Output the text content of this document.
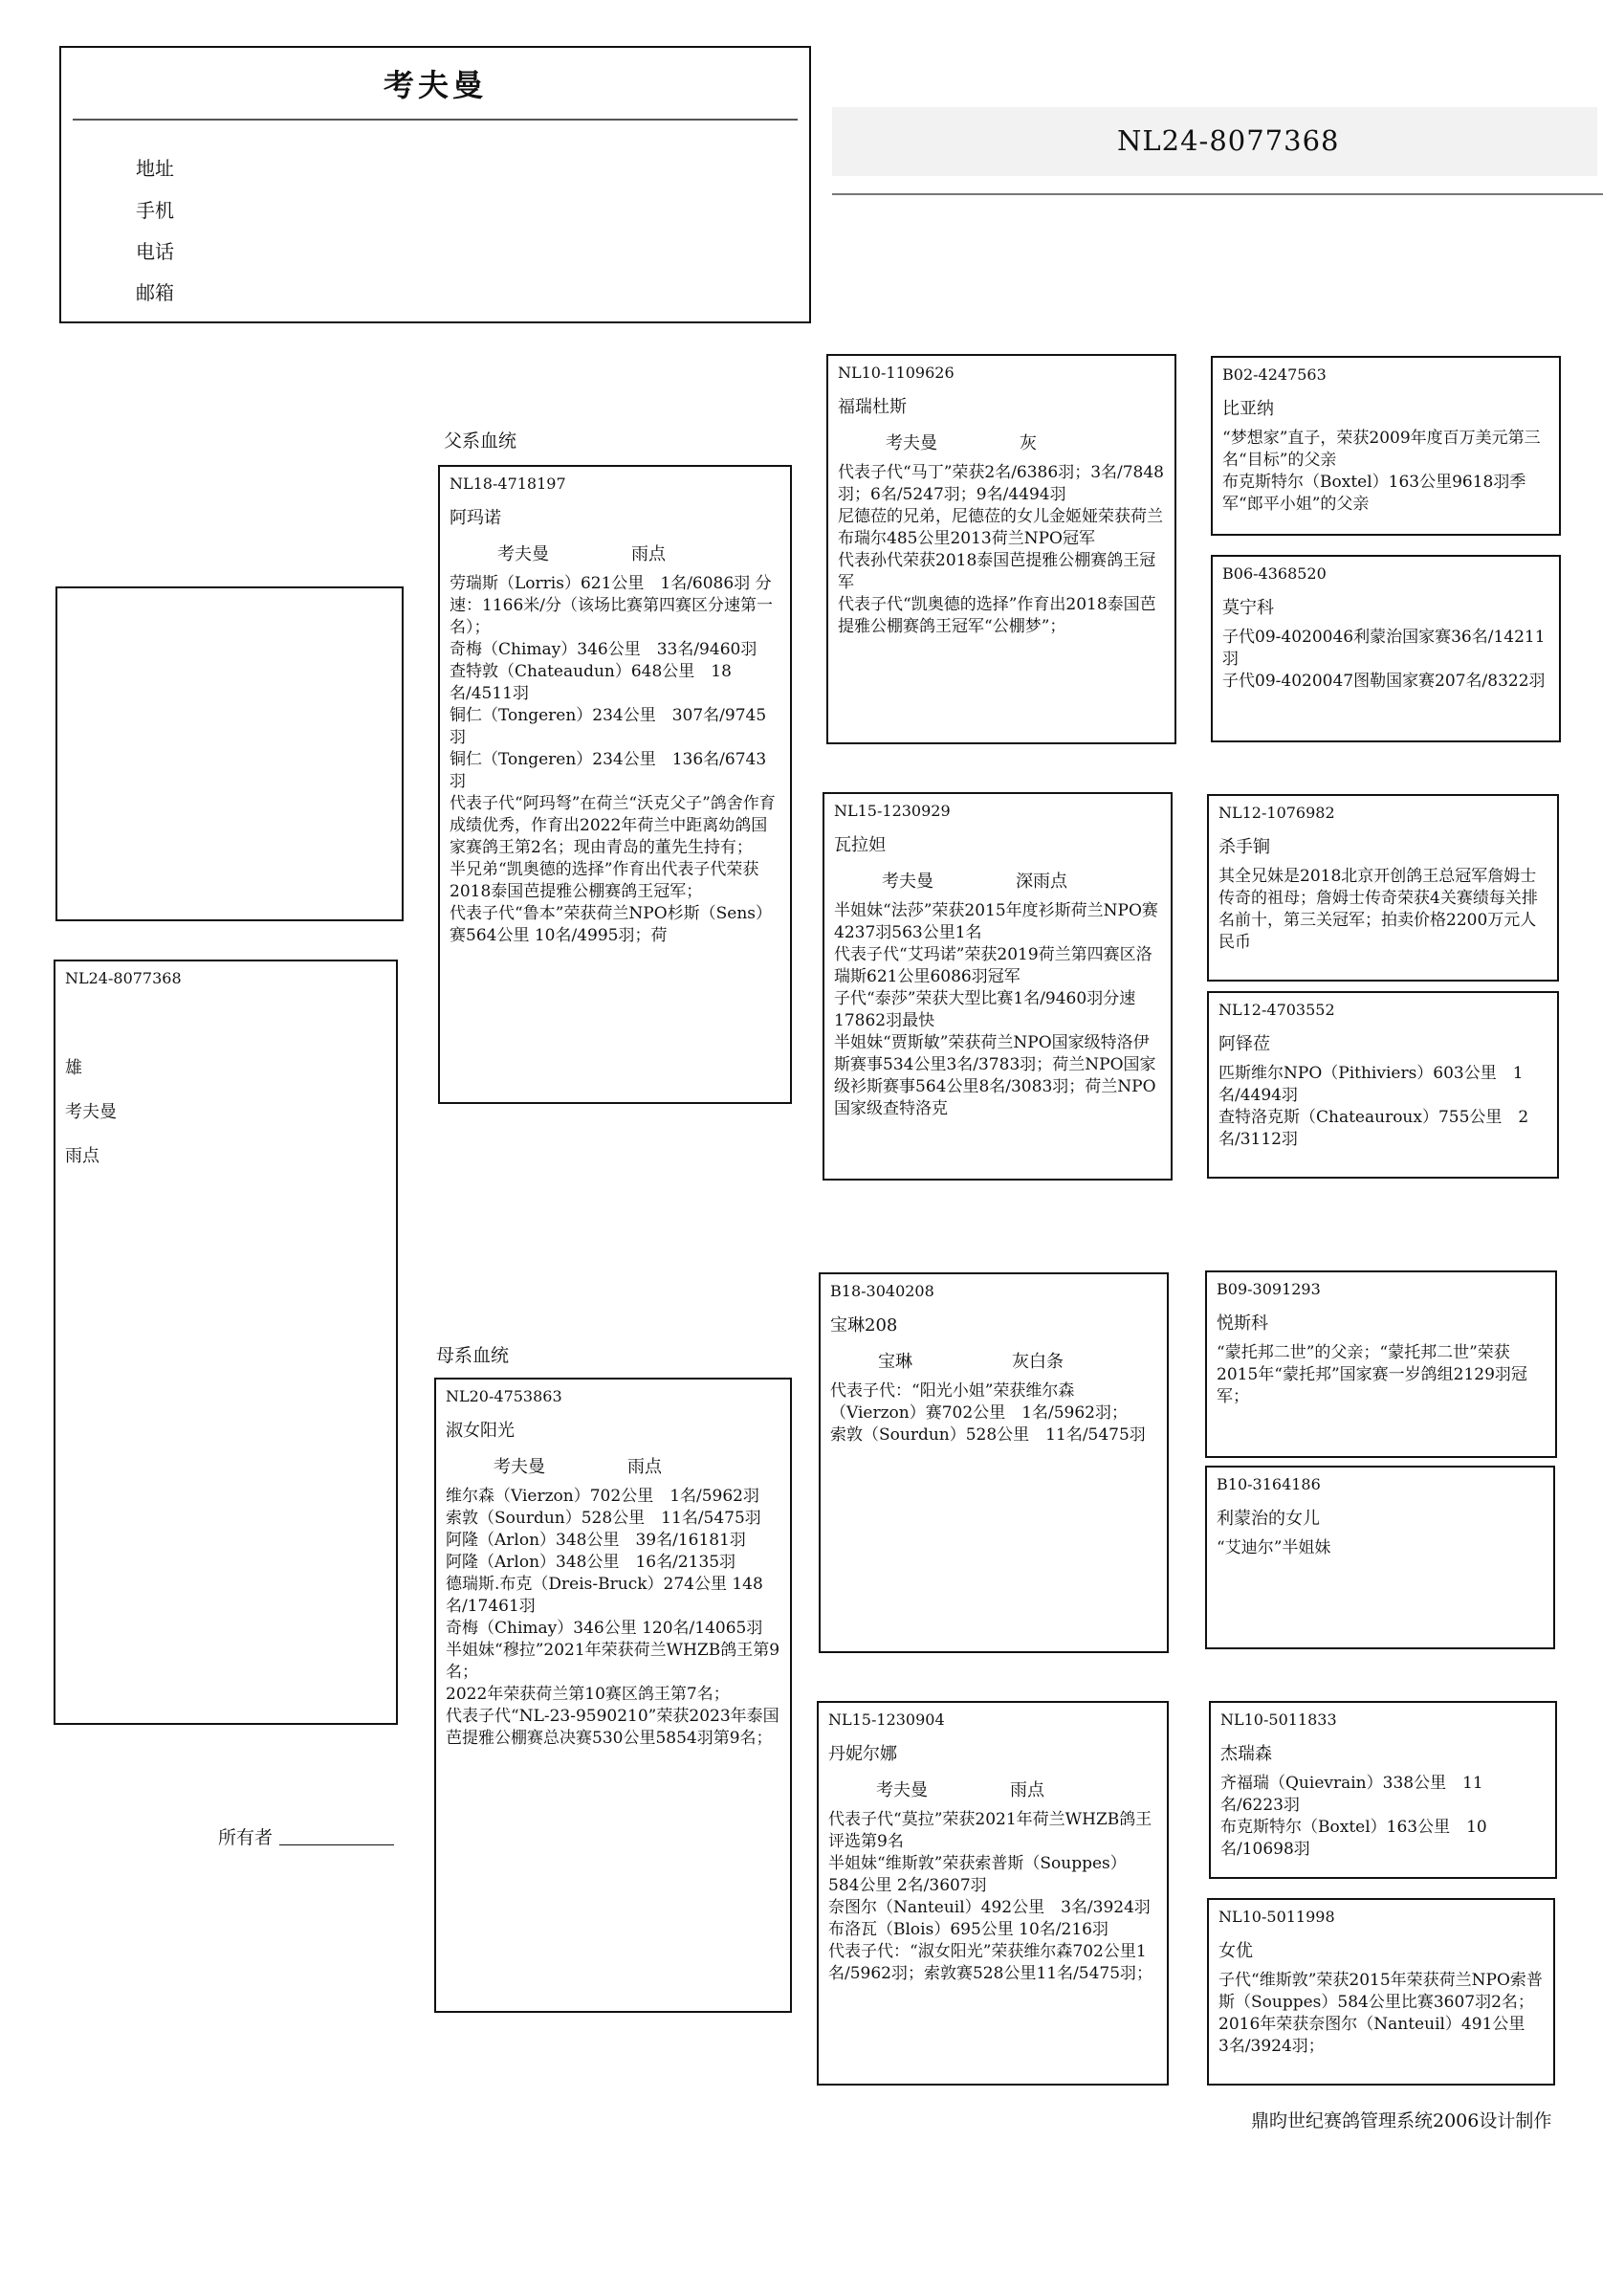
考夫曼
地址
手机
电话
邮箱
NL24-8077368
NL24-8077368
雄
考夫曼
雨点
所有者
父系血统
母系血统
NL18-4718197
阿玛诺
考夫曼	雨点
劳瑞斯（Lorris）621公里　1名/6086羽 分速：1166米/分（该场比赛第四赛区分速第一名）；
奇梅（Chimay）346公里　33名/9460羽
查特敦（Chateaudun）648公里　18名/4511羽
铜仁（Tongeren）234公里　307名/9745羽
铜仁（Tongeren）234公里　136名/6743羽
代表子代“阿玛弩”在荷兰“沃克父子”鸽舍作育成绩优秀，作育出2022年荷兰中距离幼鸽国家赛鸽王第2名；现由青岛的董先生持有；
半兄弟“凯奥德的选择”作育出代表子代荣获2018泰国芭提雅公棚赛鸽王冠军；
代表子代“鲁本”荣获荷兰NPO杉斯（Sens）赛564公里 10名/4995羽；荷
NL20-4753863
淑女阳光
考夫曼	雨点
维尔森（Vierzon）702公里　1名/5962羽
索敦（Sourdun）528公里　11名/5475羽
阿隆（Arlon）348公里　39名/16181羽
阿隆（Arlon）348公里　16名/2135羽
德瑞斯.布克（Dreis-Bruck）274公里 148名/17461羽
奇梅（Chimay）346公里 120名/14065羽
半姐妹“穆拉”2021年荣获荷兰WHZB鸽王第9名；
2022年荣获荷兰第10赛区鸽王第7名；
代表子代“NL-23-9590210”荣获2023年泰国芭提雅公棚赛总决赛530公里5854羽第9名；
NL10-1109626
福瑞杜斯
考夫曼	灰
代表子代“马丁”荣获2名/6386羽；3名/7848羽；6名/5247羽；9名/4494羽
尼德莅的兄弟，尼德莅的女儿金姬娅荣获荷兰布瑞尔485公里2013荷兰NPO冠军
代表孙代荣获2018泰国芭提雅公棚赛鸽王冠军
代表子代“凯奥德的选择”作育出2018泰国芭提雅公棚赛鸽王冠军“公棚梦”；
NL15-1230929
瓦拉妲
考夫曼	深雨点
半姐妹“法莎”荣获2015年度衫斯荷兰NPO赛4237羽563公里1名
代表子代“艾玛诺”荣获2019荷兰第四赛区洛瑞斯621公里6086羽冠军
子代“泰莎”荣获大型比赛1名/9460羽分速17862羽最快
半姐妹“贾斯敏”荣获荷兰NPO国家级特洛伊斯赛事534公里3名/3783羽；荷兰NPO国家级衫斯赛事564公里8名/3083羽；荷兰NPO国家级查特洛克
B18-3040208
宝琳208
宝琳	灰白条
代表子代：“阳光小姐”荣获维尔森（Vierzon）赛702公里　1名/5962羽；
索敦（Sourdun）528公里　11名/5475羽
NL15-1230904
丹妮尔娜
考夫曼	雨点
代表子代“莫拉”荣获2021年荷兰WHZB鸽王评选第9名
半姐妹“维斯敦”荣获索普斯（Souppes）584公里 2名/3607羽
奈图尔（Nanteuil）492公里　3名/3924羽
布洛瓦（Blois）695公里 10名/216羽
代表子代：“淑女阳光”荣获维尔森702公里1名/5962羽；索敦赛528公里11名/5475羽；
B02-4247563
比亚纳
“梦想家”直子，荣获2009年度百万美元第三名“目标”的父亲
布克斯特尔（Boxtel）163公里9618羽季军“郎平小姐”的父亲
B06-4368520
莫宁科
子代09-4020046利蒙治国家赛36名/14211羽
子代09-4020047图勒国家赛207名/8322羽
NL12-1076982
杀手锏
其全兄妹是2018北京开创鸽王总冠军詹姆士传奇的祖母；詹姆士传奇荣获4关赛绩每关排名前十，第三关冠军；拍卖价格2200万元人民币
NL12-4703552
阿铎莅
匹斯维尔NPO（Pithiviers）603公里　1名/4494羽
查特洛克斯（Chateauroux）755公里　2名/3112羽
B09-3091293
悦斯科
“蒙托邦二世”的父亲；“蒙托邦二世”荣获2015年“蒙托邦”国家赛一岁鸽组2129羽冠军；
B10-3164186
利蒙治的女儿
“艾迪尔”半姐妹
NL10-5011833
杰瑞森
齐福瑞（Quievrain）338公里　11名/6223羽
布克斯特尔（Boxtel）163公里　10名/10698羽
NL10-5011998
女优
子代“维斯敦”荣获2015年荣获荷兰NPO索普斯（Souppes）584公里比赛3607羽2名；2016年荣获奈图尔（Nanteuil）491公里　3名/3924羽；
鼎昀世纪赛鸽管理系统2006设计制作
